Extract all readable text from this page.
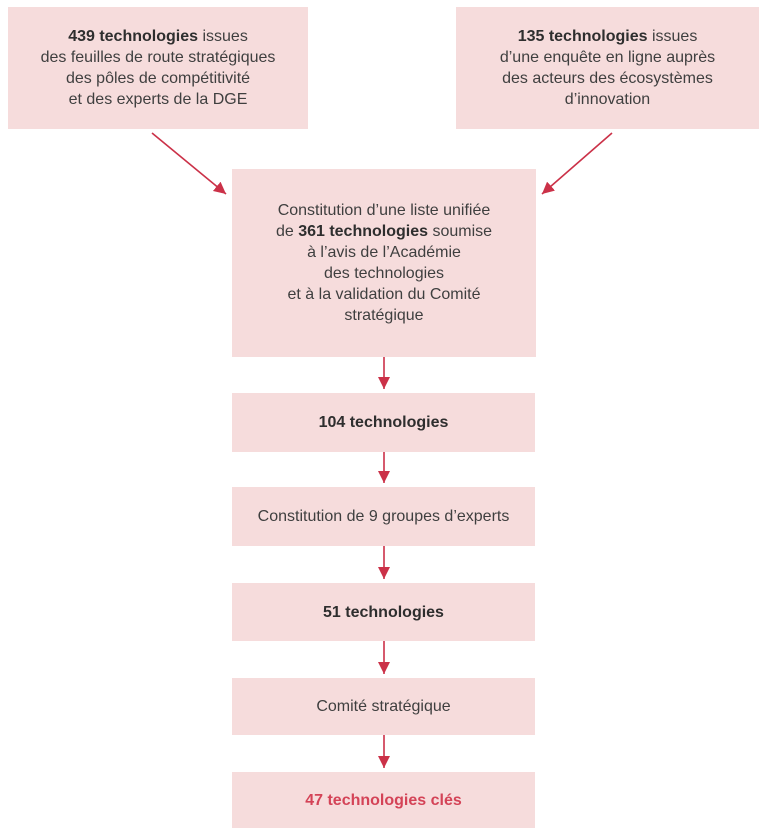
439 technologies issues
des feuilles de route stratégiques
des pôles de compétitivité
et des experts de la DGE
135 technologies issues
d’une enquête en ligne auprès
des acteurs des écosystèmes
d’innovation
Constitution d’une liste unifiée
de 361 technologies soumise
à l’avis de l’Académie
des technologies
et à la validation du Comité
stratégique
104 technologies
Constitution de 9 groupes d’experts
51 technologies
Comité stratégique
47 technologies clés
